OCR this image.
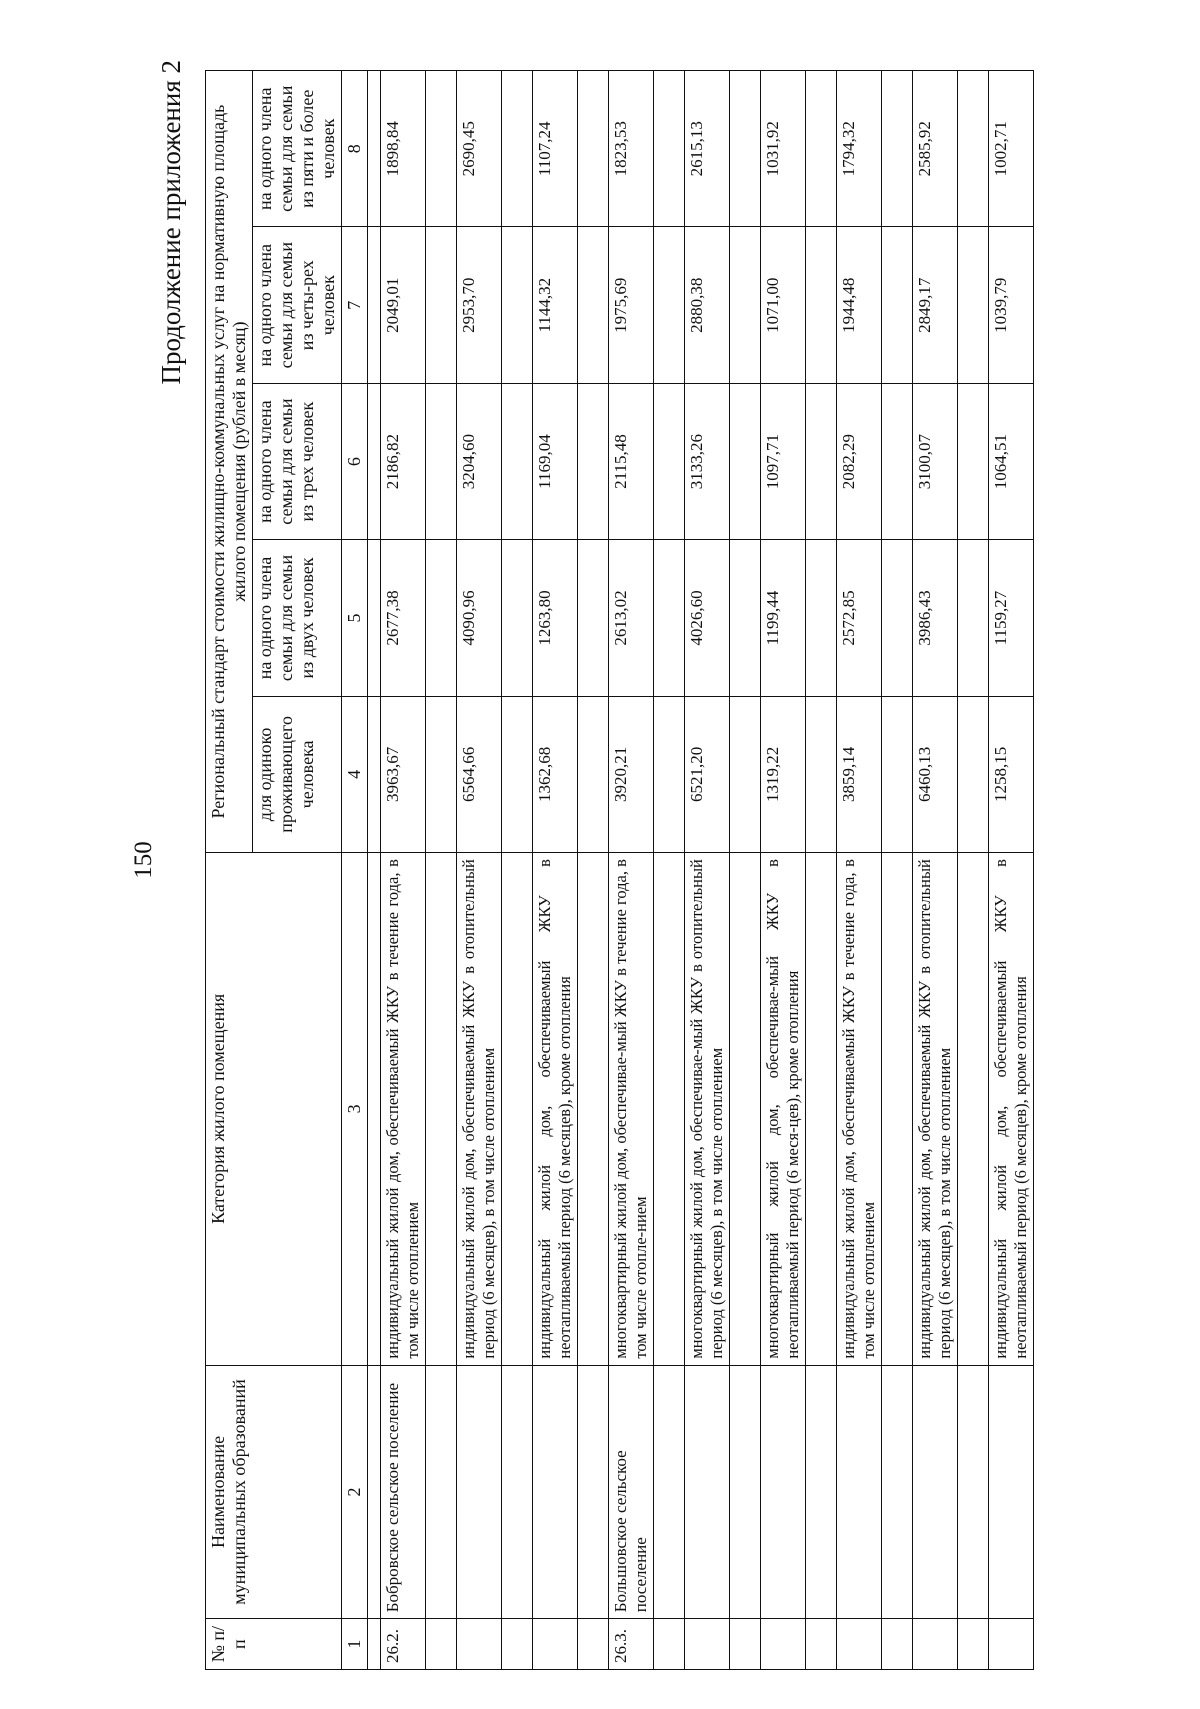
150
Продолжение приложения 2
№ п/п	Наименование муниципальных образований	Категория жилого помещения	Региональный стандарт стоимости жилищно-коммунальных услуг на нормативную площадь жилого помещения (рублей в месяц)				
			для одиноко проживающего человека	на одного члена семьи для семьи из двух человек	на одного члена семьи для семьи из трех человек	на одного члена семьи для семьи из четы-рех человек	на одного члена семьи для семьи из пяти и более человек
1	2	3	4	5	6	7	8

26.2.	Бобровское сельское поселение	индивидуальный жилой дом, обеспечиваемый ЖКУ в течение года, в том числе отоплением	3963,67	2677,38	2186,82	2049,01	1898,84

		индивидуальный жилой дом, обеспечиваемый ЖКУ в отопительный период (6 месяцев), в том числе отоплением	6564,66	4090,96	3204,60	2953,70	2690,45

		индивидуальный жилой дом, обеспечиваемый ЖКУ в неотапливаемый период (6 месяцев), кроме отопления	1362,68	1263,80	1169,04	1144,32	1107,24

26.3.	Большовское сельское поселение	многоквартирный жилой дом, обеспечивае-мый ЖКУ в течение года, в том числе отопле-нием	3920,21	2613,02	2115,48	1975,69	1823,53

		многоквартирный жилой дом, обеспечивае-мый ЖКУ в отопительный период (6 месяцев), в том числе отоплением	6521,20	4026,60	3133,26	2880,38	2615,13

		многоквартирный жилой дом, обеспечивае-мый ЖКУ в неотапливаемый период (6 меся-цев), кроме отопления	1319,22	1199,44	1097,71	1071,00	1031,92

		индивидуальный жилой дом, обеспечиваемый ЖКУ в течение года, в том числе отоплением	3859,14	2572,85	2082,29	1944,48	1794,32

		индивидуальный жилой дом, обеспечиваемый ЖКУ в отопительный период (6 месяцев), в том числе отоплением	6460,13	3986,43	3100,07	2849,17	2585,92

		индивидуальный жилой дом, обеспечиваемый ЖКУ в неотапливаемый период (6 месяцев), кроме отопления	1258,15	1159,27	1064,51	1039,79	1002,71
